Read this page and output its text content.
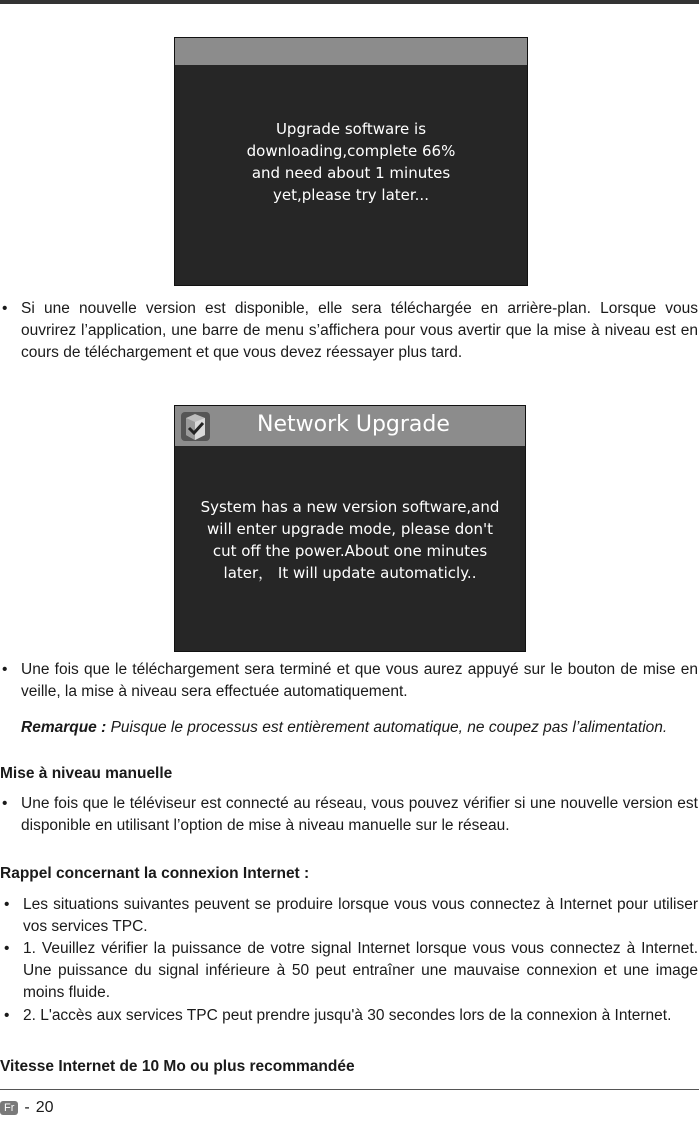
Upgrade software is
downloading,complete 66%
and need about 1 minutes
yet,please try later...
• Si une nouvelle version est disponible, elle sera téléchargée en arrière-plan. Lorsque vous ouvrirez l’application, une barre de menu s’affichera pour vous avertir que la mise à niveau est en cours de téléchargement et que vous devez réessayer plus tard.
Network Upgrade
System has a new version software,and
will enter upgrade mode, please don't
cut off the power.About one minutes
later， It will update automaticly..
• Une fois que le téléchargement sera terminé et que vous aurez appuyé sur le bouton de mise en veille, la mise à niveau sera effectuée automatiquement.

Remarque : Puisque le processus est entièrement automatique, ne coupez pas l’alimentation.

Mise à niveau manuelle
• Une fois que le téléviseur est connecté au réseau, vous pouvez vérifier si une nouvelle version est disponible en utilisant l’option de mise à niveau manuelle sur le réseau.
Rappel concernant la connexion Internet :
• Les situations suivantes peuvent se produire lorsque vous vous connectez à Internet pour utiliser vos services TPC.
• 1. Veuillez vérifier la puissance de votre signal Internet lorsque vous vous connectez à Internet. Une puissance du signal inférieure à 50 peut entraîner une mauvaise connexion et une image moins fluide.
• 2. L'accès aux services TPC peut prendre jusqu'à 30 secondes lors de la connexion à Internet.
Vitesse Internet de 10 Mo ou plus recommandée
Fr - 20
